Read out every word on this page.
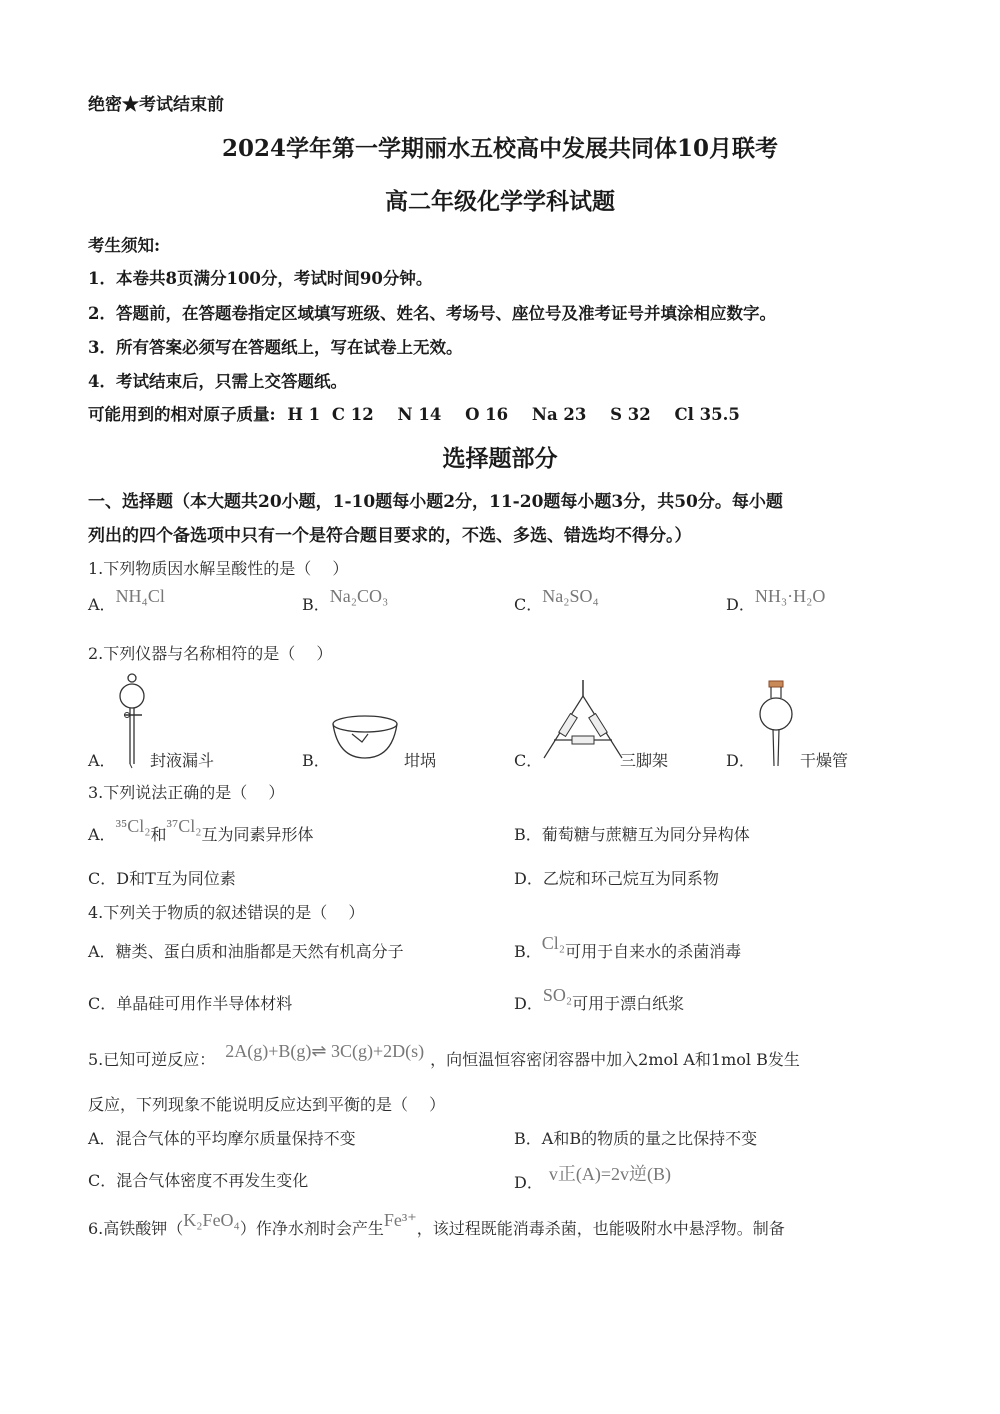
绝密★考试结束前
2024学年第一学期丽水五校高中发展共同体10月联考
高二年级化学学科试题
考生须知:
1．本卷共8页满分100分，考试时间90分钟。
2．答题前，在答题卷指定区域填写班级、姓名、考场号、座位号及准考证号并填涂相应数字。
3．所有答案必须写在答题纸上，写在试卷上无效。
4．考试结束后，只需上交答题纸。
可能用到的相对原子质量: H 1 C 12 N 14 O 16 Na 23 S 32 Cl 35.5
选择题部分
一、选择题（本大题共20小题，1-10题每小题2分，11-20题每小题3分，共50分。每小题
列出的四个备选项中只有一个是符合题目要求的，不选、多选、错选均不得分。）
1.下列物质因水解呈酸性的是（　 ）
A．NH₄Cl	B．Na₂CO₃	C．Na₂SO₄	D．NH₃·H₂O
2.下列仪器与名称相符的是（　 ）
A． 封液漏斗	B．	坩埚	C．	三脚架	D．	干燥管
3.下列说法正确的是（　 ）
A．³⁵Cl₂和³⁷Cl₂互为同素异形体	B．葡萄糖与蔗糖互为同分异构体
C．D和T互为同位素	D．乙烷和环己烷互为同系物
4.下列关于物质的叙述错误的是（　 ）
A．糖类、蛋白质和油脂都是天然有机高分子	B．Cl₂可用于自来水的杀菌消毒
C．单晶硅可用作半导体材料	D．SO₂可用于漂白纸浆
5.已知可逆反应： 2A(g)+B(g)⇌ 3C(g)+2D(s) ，向恒温恒容密闭容器中加入2mol A和1mol B发生
反应，下列现象不能说明反应达到平衡的是（　 ）
A．混合气体的平均摩尔质量保持不变	B．A和B的物质的量之比保持不变
C．混合气体密度不再发生变化	D． v正(A)=2v逆(B)
6.高铁酸钾（K₂FeO₄）作净水剂时会产生Fe³⁺，该过程既能消毒杀菌，也能吸附水中悬浮物。制备
